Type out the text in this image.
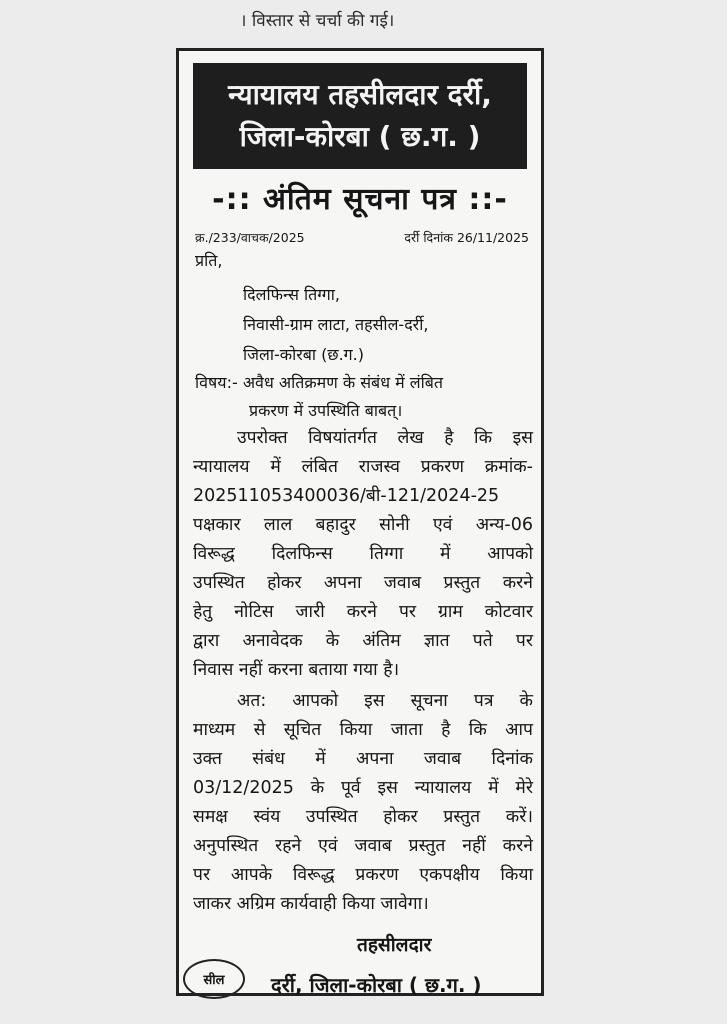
। विस्तार से चर्चा की गई।
न्यायालय तहसीलदार दर्री,
जिला-कोरबा ( छ.ग. )
-:: अंतिम सूचना पत्र ::-
क्र./233/वाचक/2025	दर्री दिनांक 26/11/2025
प्रति,
दिलफिन्स तिग्गा,
निवासी-ग्राम लाटा, तहसील-दर्री,
जिला-कोरबा (छ.ग.)
विषय:- अवैध अतिक्रमण के संबंध में लंबित
प्रकरण में उपस्थिति बाबत्।
उपरोक्त विषयांतर्गत लेख है कि इस
न्यायालय में लंबित राजस्व प्रकरण क्रमांक-
202511053400036/बी-121/2024-25
पक्षकार लाल बहादुर सोनी एवं अन्य-06
विरूद्ध दिलफिन्स तिग्गा में आपको
उपस्थित होकर अपना जवाब प्रस्तुत करने
हेतु नोटिस जारी करने पर ग्राम कोटवार
द्वारा अनावेदक के अंतिम ज्ञात पते पर
निवास नहीं करना बताया गया है।
अत: आपको इस सूचना पत्र के
माध्यम से सूचित किया जाता है कि आप
उक्त संबंध में अपना जवाब दिनांक
03/12/2025 के पूर्व इस न्यायालय में मेरे
समक्ष स्वंय उपस्थित होकर प्रस्तुत करें।
अनुपस्थित रहने एवं जवाब प्रस्तुत नहीं करने
पर आपके विरूद्ध प्रकरण एकपक्षीय किया
जाकर अग्रिम कार्यवाही किया जावेगा।
तहसीलदार
सील	दर्री, जिला-कोरबा ( छ.ग. )
